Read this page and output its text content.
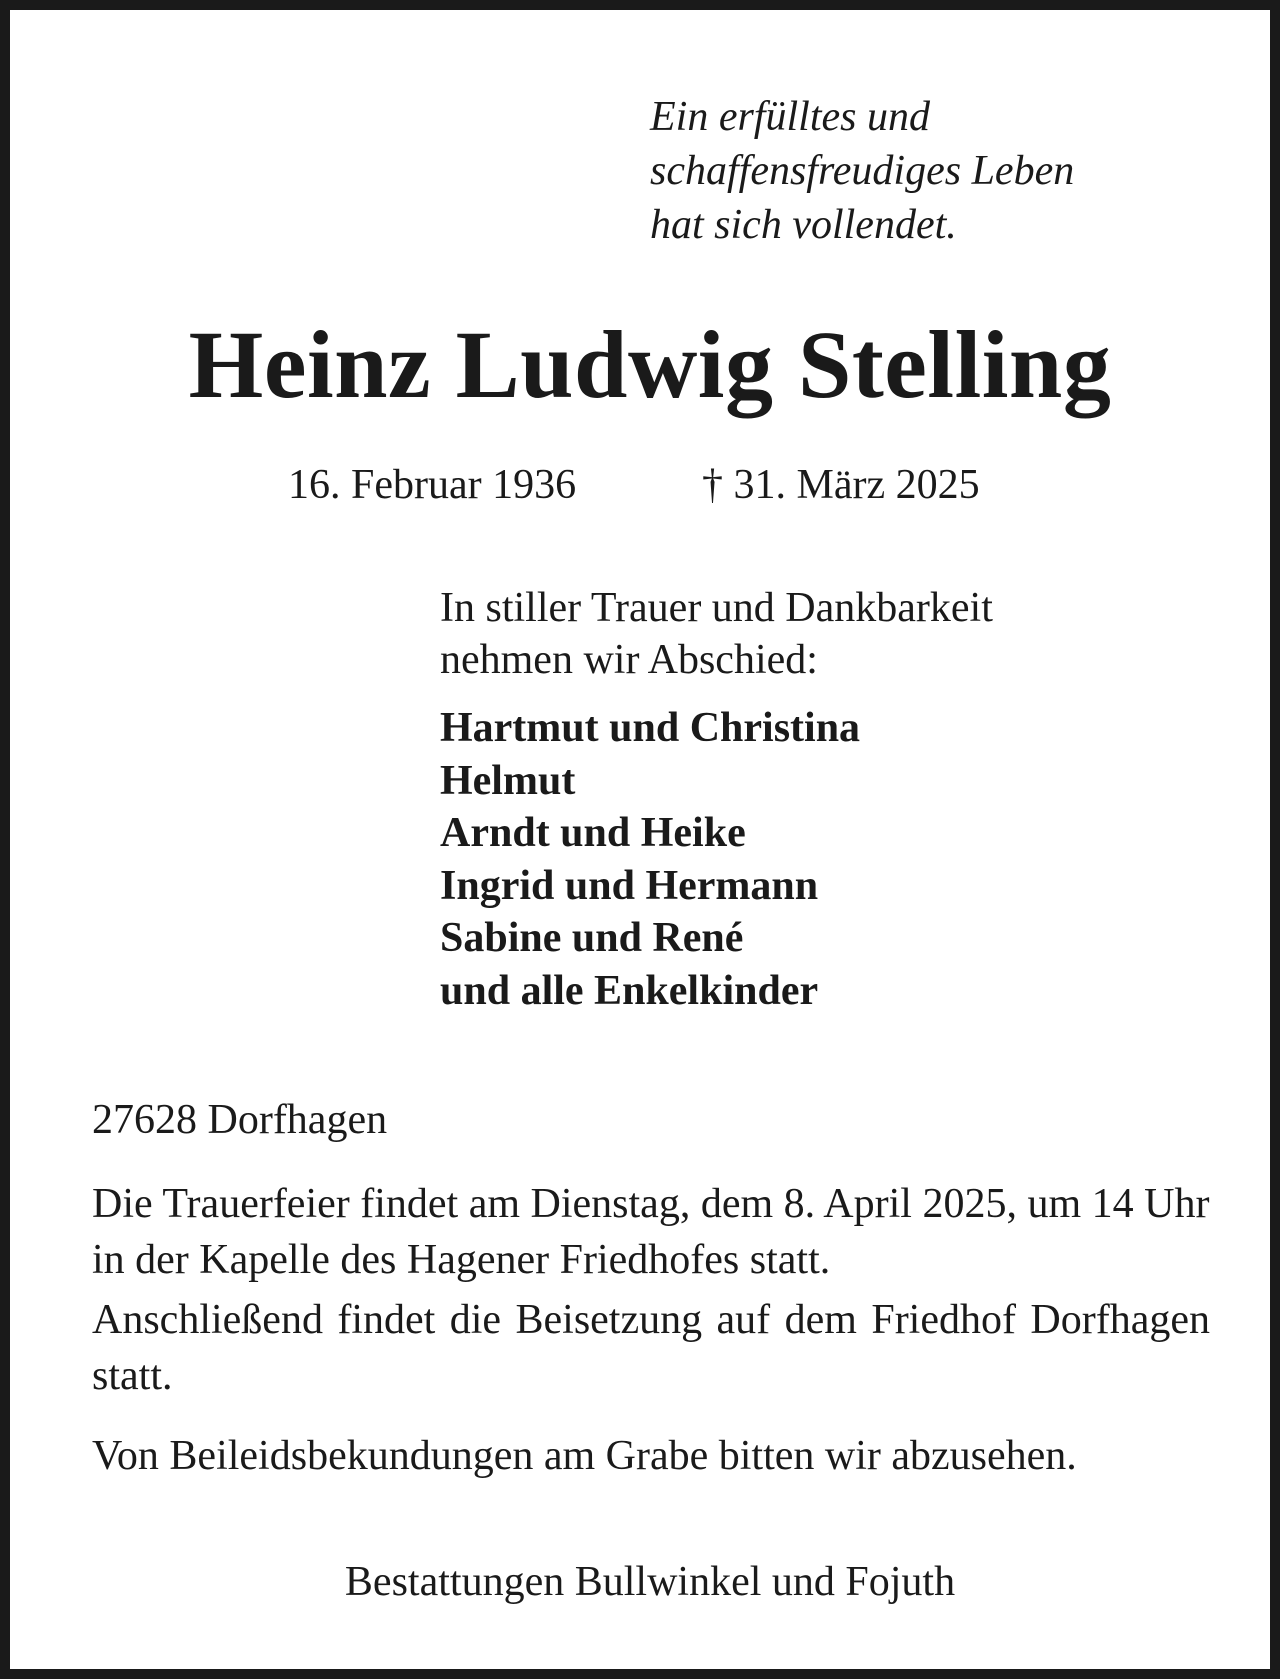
Ein erfülltes und
schaffensfreudiges Leben
hat sich vollendet.
Heinz Ludwig Stelling
16. Februar 1936	† 31. März 2025
In stiller Trauer und Dankbarkeit
nehmen wir Abschied:
Hartmut und Christina
Helmut
Arndt und Heike
Ingrid und Hermann
Sabine und René
und alle Enkelkinder
27628 Dorfhagen

Die Trauerfeier findet am Dienstag, dem 8. April 2025, um 14 Uhr in der Kapelle des Hagener Friedhofes statt.

Anschließend findet die Beisetzung auf dem Friedhof Dorfhagen statt.

Von Beileidsbekundungen am Grabe bitten wir abzusehen.

Bestattungen Bullwinkel und Fojuth
